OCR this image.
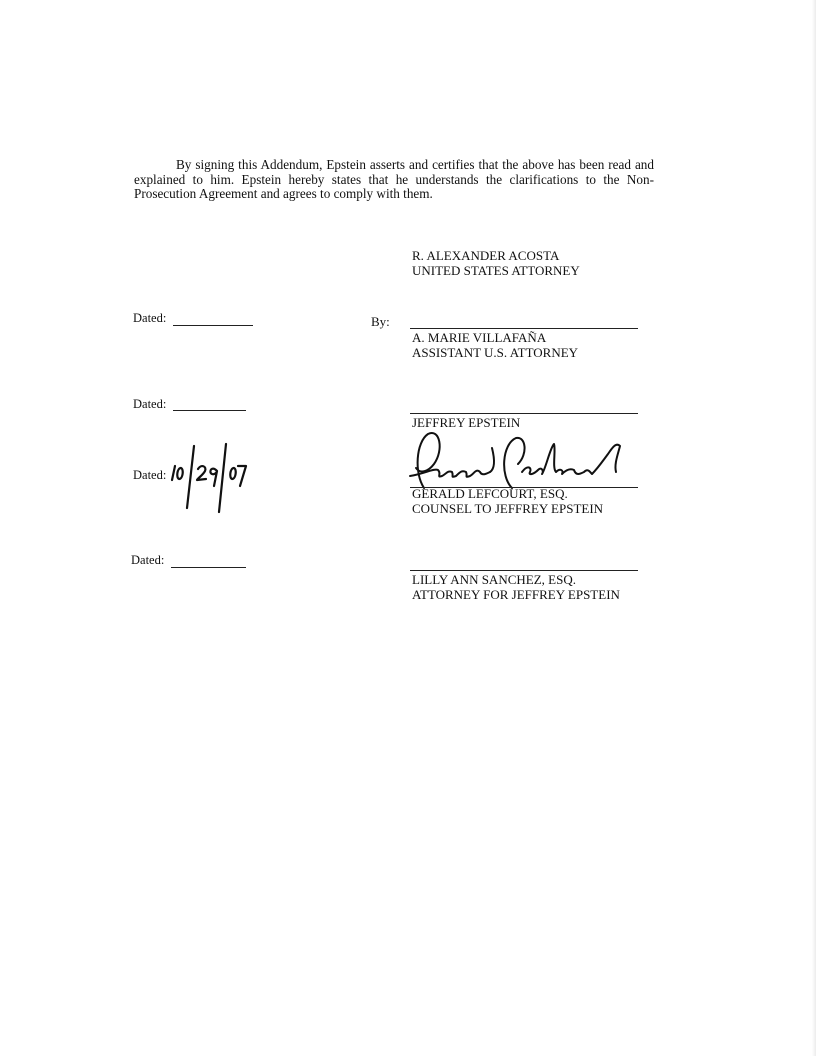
By signing this Addendum, Epstein asserts and certifies that the above has been read and explained to him. Epstein hereby states that he understands the clarifications to the Non-Prosecution Agreement and agrees to comply with them.

R. ALEXANDER ACOSTA
UNITED STATES ATTORNEY
Dated:	By:
A. MARIE VILLAFAÑA
ASSISTANT U.S. ATTORNEY
Dated:
JEFFREY EPSTEIN
Dated:
GERALD LEFCOURT, ESQ.
COUNSEL TO JEFFREY EPSTEIN
Dated:
LILLY ANN SANCHEZ, ESQ.
ATTORNEY FOR JEFFREY EPSTEIN
